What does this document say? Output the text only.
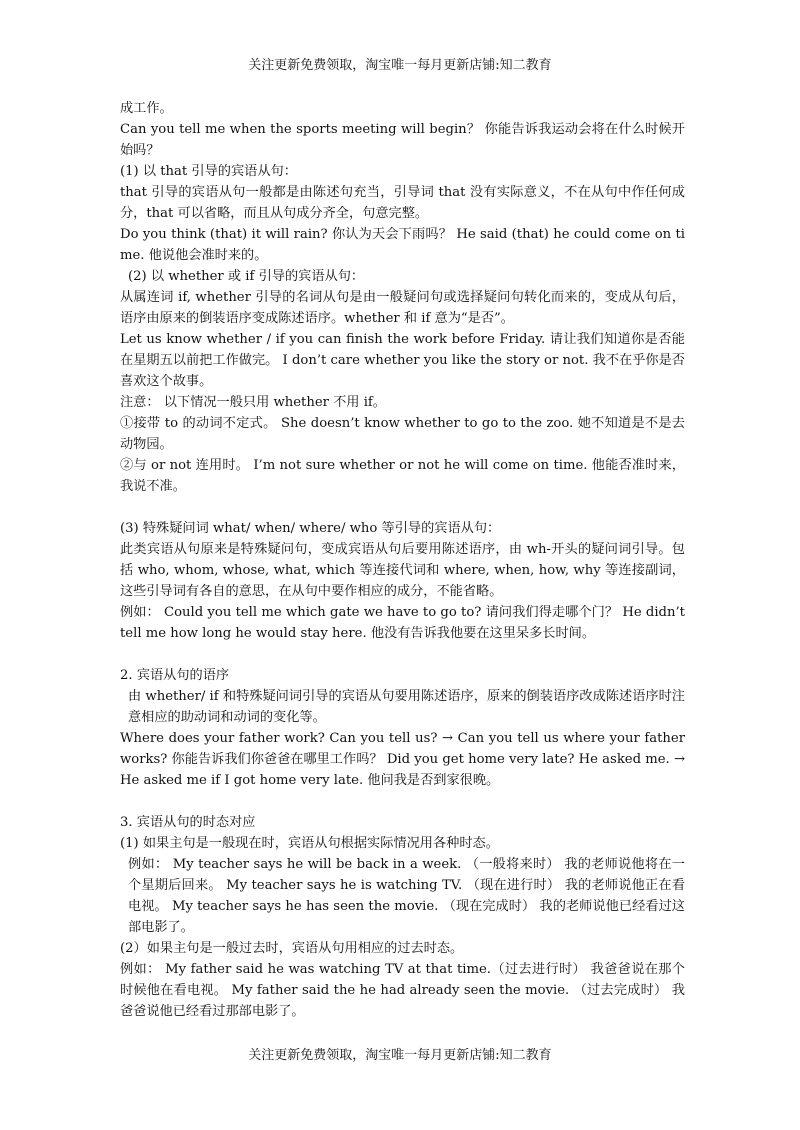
关注更新免费领取，淘宝唯一每月更新店铺:知二教育

成工作。

Can you tell me when the sports meeting will begin？ 你能告诉我运动会将在什么时候开始吗？

(1) 以 that 引导的宾语从句：

that 引导的宾语从句一般都是由陈述句充当，引导词 that 没有实际意义，不在从句中作任何成分，that 可以省略，而且从句成分齐全，句意完整。

Do you think (that) it will rain? 你认为天会下雨吗？ He said (that) he could come on time. 他说他会准时来的。

(2) 以 whether 或 if 引导的宾语从句：

从属连词 if, whether 引导的名词从句是由一般疑问句或选择疑问句转化而来的，变成从句后，语序由原来的倒装语序变成陈述语序。whether 和 if 意为“是否”。

Let us know whether / if you can finish the work before Friday. 请让我们知道你是否能在星期五以前把工作做完。 I don’t care whether you like the story or not. 我不在乎你是否喜欢这个故事。

注意： 以下情况一般只用 whether 不用 if。

①接带 to 的动词不定式。 She doesn’t know whether to go to the zoo. 她不知道是不是去动物园。

②与 or not 连用时。 I’m not sure whether or not he will come on time. 他能否准时来，我说不准。

(3) 特殊疑问词 what/ when/ where/ who 等引导的宾语从句：

此类宾语从句原来是特殊疑问句，变成宾语从句后要用陈述语序，由 wh-开头的疑问词引导。包括 who, whom, whose, what, which 等连接代词和 where, when, how, why 等连接副词，这些引导词有各自的意思，在从句中要作相应的成分，不能省略。

例如： Could you tell me which gate we have to go to? 请问我们得走哪个门？ He didn’t tell me how long he would stay here. 他没有告诉我他要在这里呆多长时间。

2. 宾语从句的语序

由 whether/ if 和特殊疑问词引导的宾语从句要用陈述语序，原来的倒装语序改成陈述语序时注意相应的助动词和动词的变化等。

Where does your father work? Can you tell us? → Can you tell us where your father works? 你能告诉我们你爸爸在哪里工作吗？ Did you get home very late? He asked me. → He asked me if I got home very late. 他问我是否到家很晚。

3. 宾语从句的时态对应

(1) 如果主句是一般现在时，宾语从句根据实际情况用各种时态。

例如： My teacher says he will be back in a week. （一般将来时） 我的老师说他将在一个星期后回来。 My teacher says he is watching TV. （现在进行时） 我的老师说他正在看电视。 My teacher says he has seen the movie. （现在完成时） 我的老师说他已经看过这部电影了。

(2）如果主句是一般过去时，宾语从句用相应的过去时态。

例如： My father said he was watching TV at that time.（过去进行时） 我爸爸说在那个时候他在看电视。 My father said the he had already seen the movie. （过去完成时） 我爸爸说他已经看过那部电影了。

关注更新免费领取，淘宝唯一每月更新店铺:知二教育
